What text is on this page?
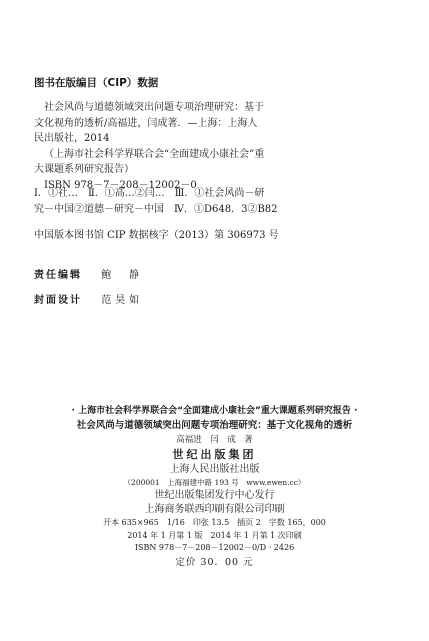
图书在版编目（CIP）数据
社会风尚与道德领域突出问题专项治理研究：基于
文化视角的透析/高福进，闫成著．—上海：上海人
民出版社，2014
（上海市社会科学界联合会“全面建成小康社会”重
大课题系列研究报告）
ISBN 978－7－208－12002－0
Ⅰ．①社…　Ⅱ．①高…②闫…　Ⅲ．①社会风尚－研
究－中国②道德－研究－中国　Ⅳ．①D648．3②B82
中国版本图书馆 CIP 数据核字（2013）第 306973 号
责任编辑 鲍　静
封面设计 范昊如
· 上海市社会科学界联合会“全面建成小康社会”重大课题系列研究报告 ·
社会风尚与道德领域突出问题专项治理研究：基于文化视角的透析
高福进　闫　成　著
世纪出版集团
上海人民出版社出版
（200001　上海福建中路 193 号　www.ewen.cc）
世纪出版集团发行中心发行
上海商务联西印刷有限公司印刷
开本 635×965　1/16　印张 13.5　插页 2　字数 165，000
2014 年 1 月第 1 版　2014 年 1 月第 1 次印刷
ISBN 978－7－208－12002－0/D · 2426
定价 30．00 元
